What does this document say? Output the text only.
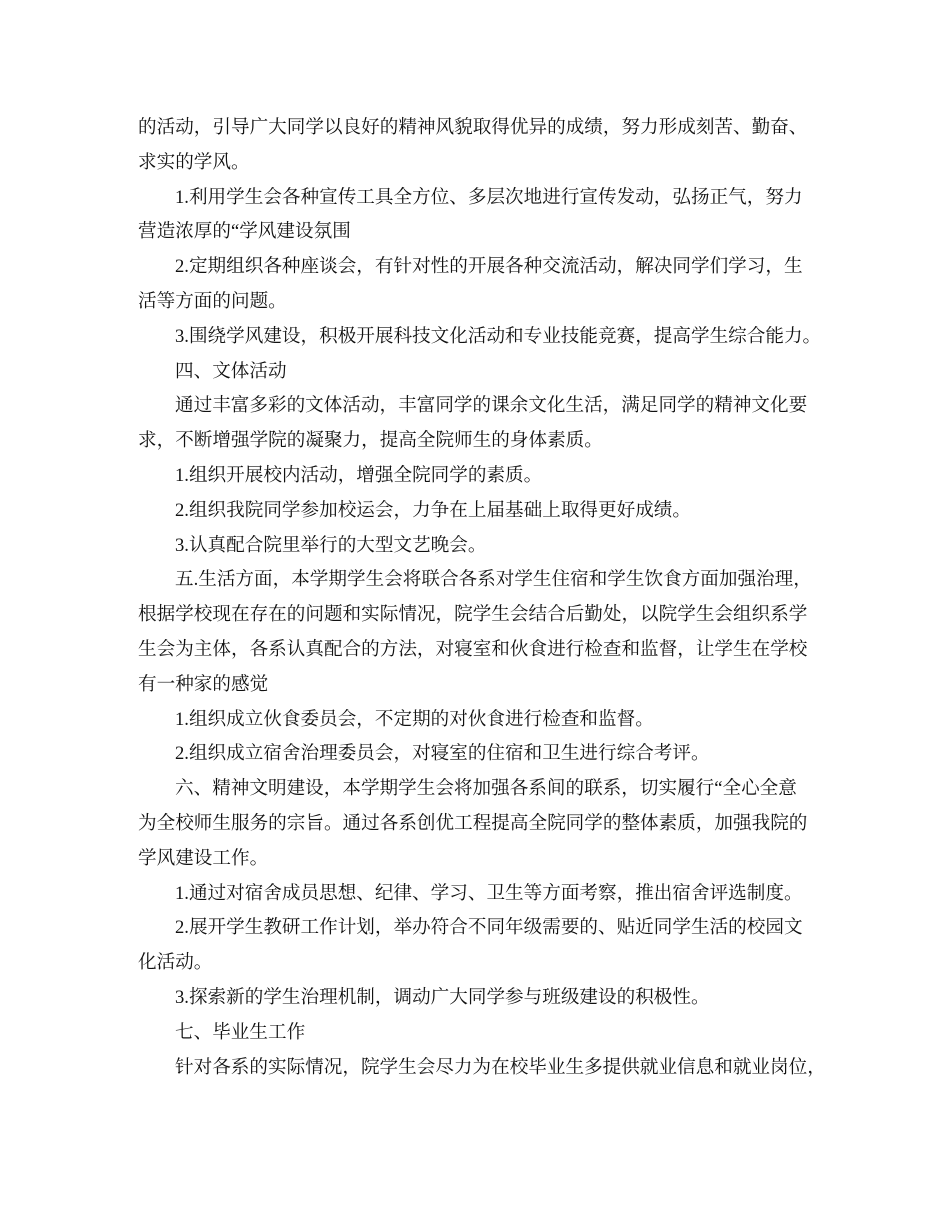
的活动，引导广大同学以良好的精神风貌取得优异的成绩，努力形成刻苦、勤奋、
求实的学风。
1.利用学生会各种宣传工具全方位、多层次地进行宣传发动，弘扬正气，努力
营造浓厚的“学风建设氛围
2.定期组织各种座谈会，有针对性的开展各种交流活动，解决同学们学习，生
活等方面的问题。
3.围绕学风建设，积极开展科技文化活动和专业技能竞赛，提高学生综合能力。
四、文体活动
通过丰富多彩的文体活动，丰富同学的课余文化生活，满足同学的精神文化要
求，不断增强学院的凝聚力，提高全院师生的身体素质。
1.组织开展校内活动，增强全院同学的素质。
2.组织我院同学参加校运会，力争在上届基础上取得更好成绩。
3.认真配合院里举行的大型文艺晚会。
五.生活方面，本学期学生会将联合各系对学生住宿和学生饮食方面加强治理，
根据学校现在存在的问题和实际情况，院学生会结合后勤处，以院学生会组织系学
生会为主体，各系认真配合的方法，对寝室和伙食进行检查和监督，让学生在学校
有一种家的感觉
1.组织成立伙食委员会，不定期的对伙食进行检查和监督。
2.组织成立宿舍治理委员会，对寝室的住宿和卫生进行综合考评。
六、精神文明建设，本学期学生会将加强各系间的联系，切实履行“全心全意
为全校师生服务的宗旨。通过各系创优工程提高全院同学的整体素质，加强我院的
学风建设工作。
1.通过对宿舍成员思想、纪律、学习、卫生等方面考察，推出宿舍评选制度。
2.展开学生教研工作计划，举办符合不同年级需要的、贴近同学生活的校园文
化活动。
3.探索新的学生治理机制，调动广大同学参与班级建设的积极性。
七、毕业生工作
针对各系的实际情况，院学生会尽力为在校毕业生多提供就业信息和就业岗位，
